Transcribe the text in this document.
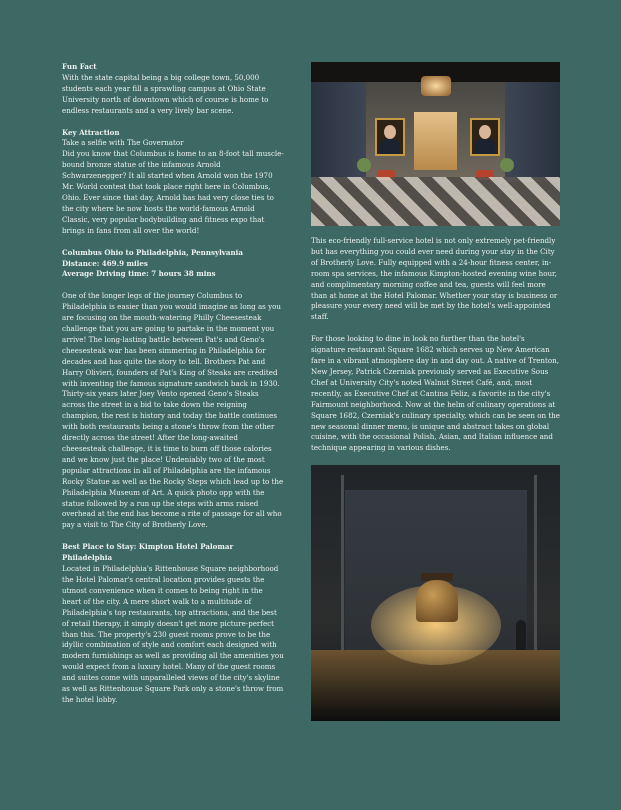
Fun Fact

With the state capital being a big college town, 50,000 students each year fill a sprawling campus at Ohio State University north of downtown which of course is home to endless restaurants and a very lively bar scene.

Key Attraction
Take a selfie with The Governator

Did you know that Columbus is home to an 8-foot tall muscle-bound bronze statue of the infamous Arnold Schwarzenegger? It all started when Arnold won the 1970 Mr. World contest that took place right here in Columbus, Ohio. Ever since that day, Arnold has had very close ties to the city where he now hosts the world-famous Arnold Classic, very popular bodybuilding and fitness expo that brings in fans from all over the world!

Columbus Ohio to Philadelphia, Pennsylvania
Distance: 469.9 miles
Average Driving time: 7 hours 38 mins

One of the longer legs of the journey Columbus to Philadelphia is easier than you would imagine as long as you are focusing on the mouth-watering Philly Cheesesteak challenge that you are going to partake in the moment you arrive! The long-lasting battle between Pat's and Geno's cheesesteak war has been simmering in Philadelphia for decades and has quite the story to tell. Brothers Pat and Harry Olivieri, founders of Pat's King of Steaks are credited with inventing the famous signature sandwich back in 1930. Thirty-six years later Joey Vento opened Geno's Steaks across the street in a bid to take down the reigning champion, the rest is history and today the battle continues with both restaurants being a stone's throw from the other directly across the street! After the long-awaited cheesesteak challenge, it is time to burn off those calories and we know just the place! Undeniably two of the most popular attractions in all of Philadelphia are the infamous Rocky Statue as well as the Rocky Steps which lead up to the Philadelphia Museum of Art. A quick photo opp with the statue followed by a run up the steps with arms raised overhead at the end has become a rite of passage for all who pay a visit to The City of Brotherly Love.

Best Place to Stay: Kimpton Hotel Palomar Philadelphia

Located in Philadelphia's Rittenhouse Square neighborhood the Hotel Palomar's central location provides guests the utmost convenience when it comes to being right in the heart of the city. A mere short walk to a multitude of Philadelphia's top restaurants, top attractions, and the best of retail therapy, it simply doesn't get more picture-perfect than this. The property's 230 guest rooms prove to be the idyllic combination of style and comfort each designed with modern furnishings as well as providing all the amenities you would expect from a luxury hotel. Many of the guest rooms and suites come with unparalleled views of the city's skyline as well as Rittenhouse Square Park only a stone's throw from the hotel lobby.

This eco-friendly full-service hotel is not only extremely pet-friendly but has everything you could ever need during your stay in the City of Brotherly Love. Fully equipped with a 24-hour fitness center, in-room spa services, the infamous Kimpton-hosted evening wine hour, and complimentary morning coffee and tea, guests will feel more than at home at the Hotel Palomar. Whether your stay is business or pleasure your every need will be met by the hotel's well-appointed staff.

For those looking to dine in look no further than the hotel's signature restaurant Square 1682 which serves up New American fare in a vibrant atmosphere day in and day out. A native of Trenton, New Jersey, Patrick Czerniak previously served as Executive Sous Chef at University City's noted Walnut Street Café, and, most recently, as Executive Chef at Cantina Feliz, a favorite in the city's Fairmount neighborhood. Now at the helm of culinary operations at Square 1682, Czerniak's culinary specialty, which can be seen on the new seasonal dinner menu, is unique and abstract takes on global cuisine, with the occasional Polish, Asian, and Italian influence and technique appearing in various dishes.
